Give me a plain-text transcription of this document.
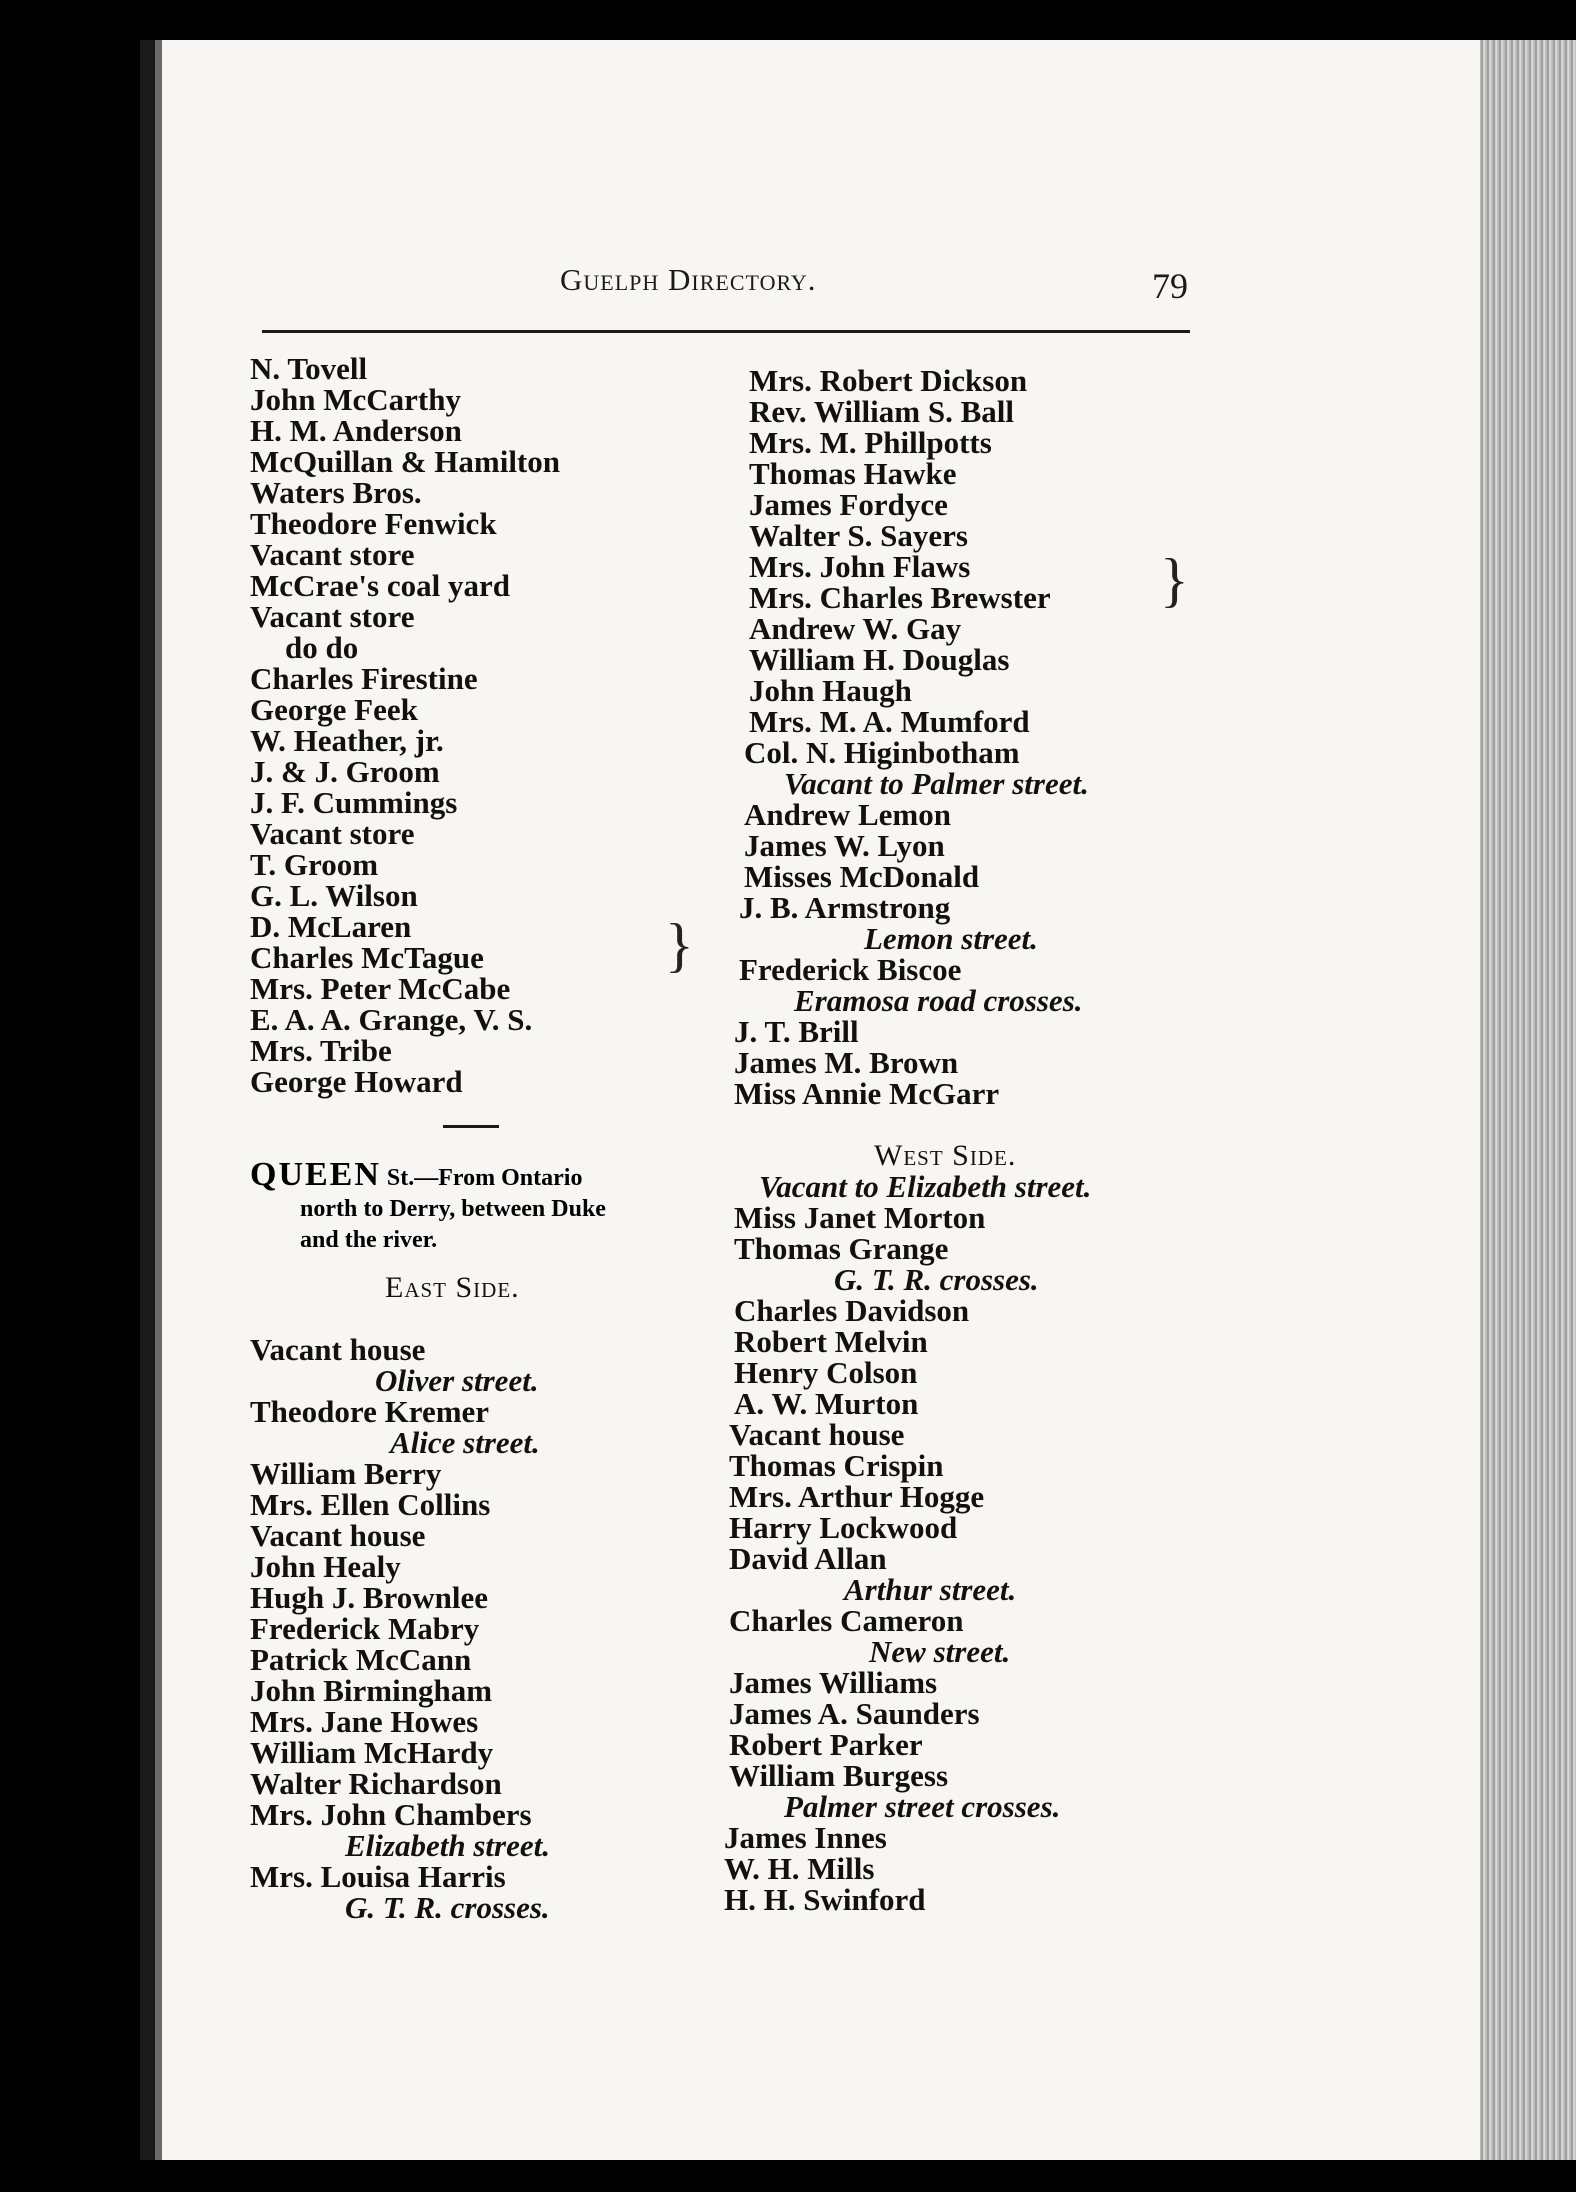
Guelph Directory.	79
N. Tovell
John McCarthy
H. M. Anderson
McQuillan & Hamilton
Waters Bros.
Theodore Fenwick
Vacant store
McCrae's coal yard
Vacant store
do do
Charles Firestine
George Feek
W. Heather, jr.
J. & J. Groom
J. F. Cummings
Vacant store
T. Groom
G. L. Wilson
D. McLaren
Charles McTague
Mrs. Peter McCabe
E. A. A. Grange, V. S.
Mrs. Tribe
George Howard
}
}
QUEEN St.—From Ontario
north to Derry, between Duke
and the river.
East Side.
Vacant house
Oliver street.
Theodore Kremer
Alice street.
William Berry
Mrs. Ellen Collins
Vacant house
John Healy
Hugh J. Brownlee
Frederick Mabry
Patrick McCann
John Birmingham
Mrs. Jane Howes
William McHardy
Walter Richardson
Mrs. John Chambers
Elizabeth street.
Mrs. Louisa Harris
G. T. R. crosses.
Mrs. Robert Dickson
Rev. William S. Ball
Mrs. M. Phillpotts
Thomas Hawke
James Fordyce
Walter S. Sayers
Mrs. John Flaws
Mrs. Charles Brewster
Andrew W. Gay
William H. Douglas
John Haugh
Mrs. M. A. Mumford
Col. N. Higinbotham
Vacant to Palmer street.
Andrew Lemon
James W. Lyon
Misses McDonald
J. B. Armstrong
Lemon street.
Frederick Biscoe
Eramosa road crosses.
J. T. Brill
James M. Brown
Miss Annie McGarr
West Side.
Vacant to Elizabeth street.
Miss Janet Morton
Thomas Grange
G. T. R. crosses.
Charles Davidson
Robert Melvin
Henry Colson
A. W. Murton
Vacant house
Thomas Crispin
Mrs. Arthur Hogge
Harry Lockwood
David Allan
Arthur street.
Charles Cameron
New street.
James Williams
James A. Saunders
Robert Parker
William Burgess
Palmer street crosses.
James Innes
W. H. Mills
H. H. Swinford
